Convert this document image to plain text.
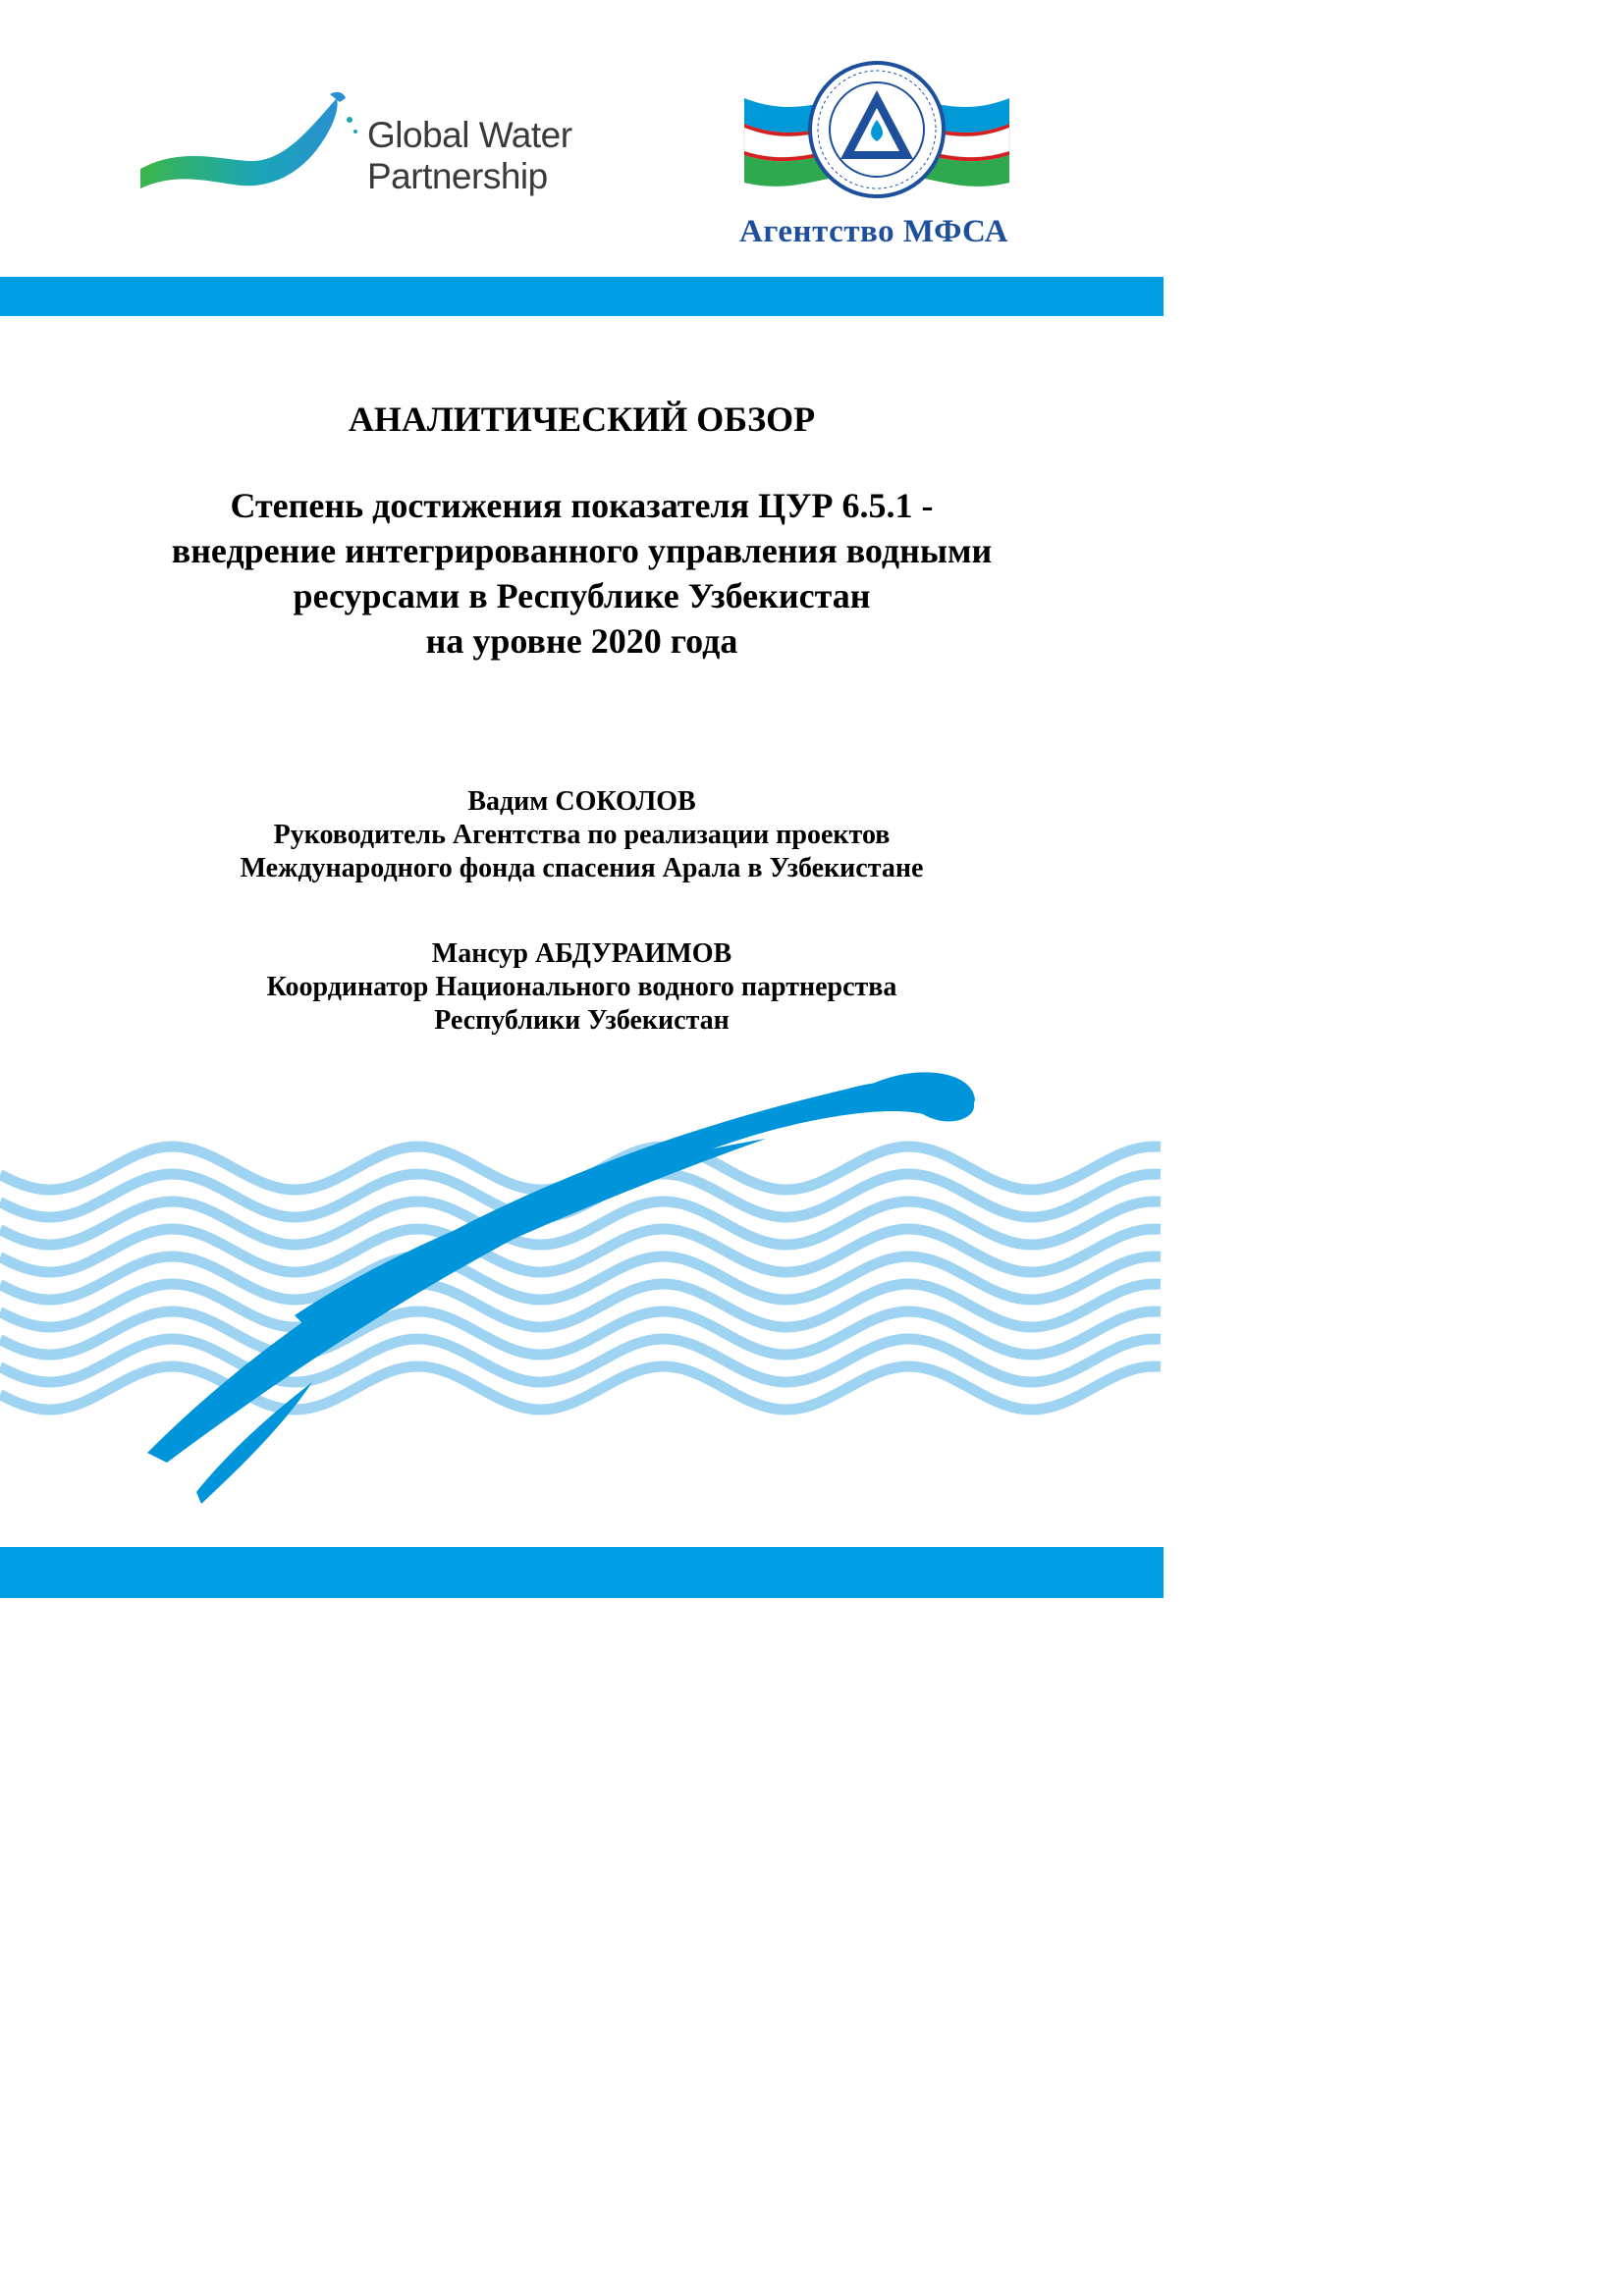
Global Water
Partnership
Агентство МФСА
АНАЛИТИЧЕСКИЙ ОБЗОР
Степень достижения показателя ЦУР 6.5.1 -
внедрение интегрированного управления водными
ресурсами в Республике Узбекистан
на уровне 2020 года
Вадим СОКОЛОВ
Руководитель Агентства по реализации проектов
Международного фонда спасения Арала в Узбекистане
Мансур АБДУРАИМОВ
Координатор Национального водного партнерства
Республики Узбекистан
